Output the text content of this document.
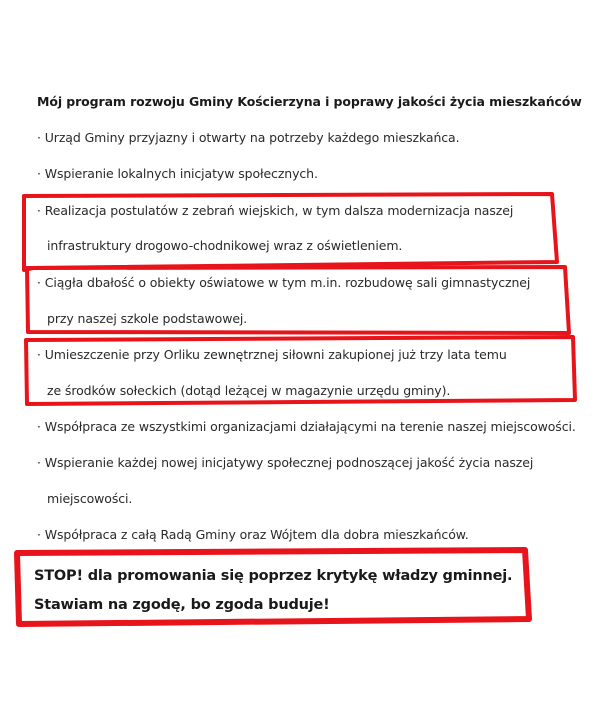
Mój program rozwoju Gminy Kościerzyna i poprawy jakości życia mieszkańców
· Urząd Gminy przyjazny i otwarty na potrzeby każdego mieszkańca.
· Wspieranie lokalnych inicjatyw społecznych.
· Realizacja postulatów z zebrań wiejskich, w tym dalsza modernizacja naszej
infrastruktury drogowo-chodnikowej wraz z oświetleniem.
· Ciągła dbałość o obiekty oświatowe w tym m.in. rozbudowę sali gimnastycznej
przy naszej szkole podstawowej.
· Umieszczenie przy Orliku zewnętrznej siłowni zakupionej już trzy lata temu
ze środków sołeckich (dotąd leżącej w magazynie urzędu gminy).
· Współpraca ze wszystkimi organizacjami działającymi na terenie naszej miejscowości.
· Wspieranie każdej nowej inicjatywy społecznej podnoszącej jakość życia naszej
miejscowości.
· Współpraca z całą Radą Gminy oraz Wójtem dla dobra mieszkańców.
STOP! dla promowania się poprzez krytykę władzy gminnej.
Stawiam na zgodę, bo zgoda buduje!
